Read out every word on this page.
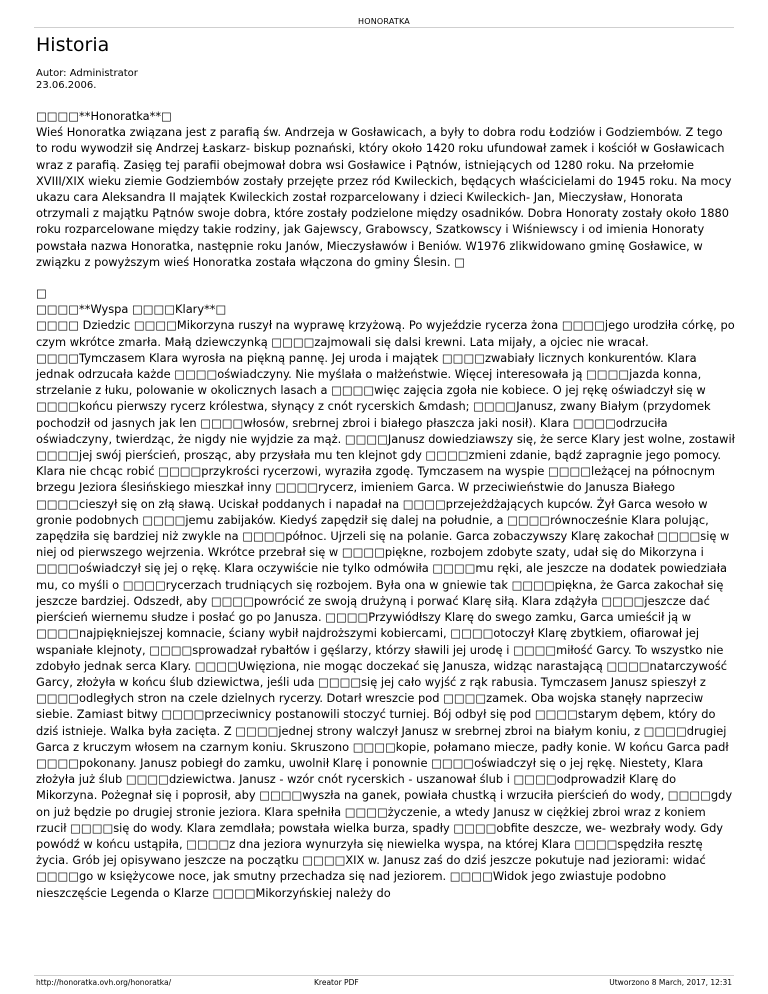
HONORATKA
Historia
Autor: Administrator
23.06.2006.

□□□□**Honoratka**□

Wieś Honoratka związana jest z parafią św. Andrzeja w Gosławicach, a były to dobra rodu Łodziów i Godziembów. Z tego to rodu wywodził się Andrzej Łaskarz- biskup poznański, który około 1420 roku ufundował zamek i kościół w Gosławicach wraz z parafią. Zasięg tej parafii obejmował dobra wsi Gosławice i Pątnów, istniejących od 1280 roku. Na przełomie XVIII/XIX wieku ziemie Godziembów zostały przejęte przez ród Kwileckich, będących właścicielami do 1945 roku. Na mocy ukazu cara Aleksandra II majątek Kwileckich został rozparcelowany i dzieci Kwileckich- Jan, Mieczysław, Honorata otrzymali z majątku Pątnów swoje dobra, które zostały podzielone między osadników. Dobra Honoraty zostały około 1880 roku rozparcelowane między takie rodziny, jak Gajewscy, Grabowscy, Szatkowscy i Wiśniewscy i od imienia Honoraty powstała nazwa Honoratka, następnie roku Janów, Mieczysławów i Beniów. W1976 zlikwidowano gminę Gosławice, w związku z powyższym wieś Honoratka została włączona do gminy Ślesin. □

□

□□□□**Wyspa □□□□Klary**□

□□□□ Dziedzic □□□□Mikorzyna ruszył na wyprawę krzyżową. Po wyjeździe rycerza żona □□□□jego urodziła córkę, po czym wkrótce zmarła. Małą dziewczynką □□□□zajmowali się dalsi krewni. Lata mijały, a ojciec nie wracał. □□□□Tymczasem Klara wyrosła na piękną pannę. Jej uroda i majątek □□□□zwabiały licznych konkurentów. Klara jednak odrzucała każde □□□□oświadczyny. Nie myślała o małżeństwie. Więcej interesowała ją □□□□jazda konna, strzelanie z łuku, polowanie w okolicznych lasach a □□□□więc zajęcia zgoła nie kobiece. O jej rękę oświadczył się w □□□□końcu pierwszy rycerz królestwa, słynący z cnót rycerskich &mdash; □□□□Janusz, zwany Białym (przydomek pochodził od jasnych jak len □□□□włosów, srebrnej zbroi i białego płaszcza jaki nosił). Klara □□□□odrzuciła oświadczyny, twierdząc, że nigdy nie wyjdzie za mąż. □□□□Janusz dowiedziawszy się, że serce Klary jest wolne, zostawił □□□□jej swój pierścień, prosząc, aby przysłała mu ten klejnot gdy □□□□zmieni zdanie, bądź zapragnie jego pomocy. Klara nie chcąc robić □□□□przykrości rycerzowi, wyraziła zgodę. Tymczasem na wyspie □□□□leżącej na północnym brzegu Jeziora ślesińskiego mieszkał inny □□□□rycerz, imieniem Garca. W przeciwieństwie do Janusza Białego □□□□cieszył się on złą sławą. Uciskał poddanych i napadał na □□□□przejeżdżających kupców. Żył Garca wesoło w gronie podobnych □□□□jemu zabijaków. Kiedyś zapędził się dalej na południe, a □□□□równocześnie Klara polując, zapędziła się bardziej niż zwykle na □□□□północ. Ujrzeli się na polanie. Garca zobaczywszy Klarę zakochał □□□□się w niej od pierwszego wejrzenia. Wkrótce przebrał się w □□□□piękne, rozbojem zdobyte szaty, udał się do Mikorzyna i □□□□oświadczył się jej o rękę. Klara oczywiście nie tylko odmówiła □□□□mu ręki, ale jeszcze na dodatek powiedziała mu, co myśli o □□□□rycerzach trudniących się rozbojem. Była ona w gniewie tak □□□□piękna, że Garca zakochał się jeszcze bardziej. Odszedł, aby □□□□powrócić ze swoją drużyną i porwać Klarę siłą. Klara zdążyła □□□□jeszcze dać pierścień wiernemu słudze i posłać go po Janusza. □□□□Przywiódłszy Klarę do swego zamku, Garca umieścił ją w □□□□najpiękniejszej komnacie, ściany wybił najdroższymi kobiercami, □□□□otoczył Klarę zbytkiem, ofiarował jej wspaniałe klejnoty, □□□□sprowadzał rybałtów i gęślarzy, którzy sławili jej urodę i □□□□miłość Garcy. To wszystko nie zdobyło jednak serca Klary. □□□□Uwięziona, nie mogąc doczekać się Janusza, widząc narastającą □□□□natarczywość Garcy, złożyła w końcu ślub dziewictwa, jeśli uda □□□□się jej cało wyjść z rąk rabusia. Tymczasem Janusz spieszył z □□□□odległych stron na czele dzielnych rycerzy. Dotarł wreszcie pod □□□□zamek. Oba wojska stanęły naprzeciw siebie. Zamiast bitwy □□□□przeciwnicy postanowili stoczyć turniej. Bój odbył się pod □□□□starym dębem, który do dziś istnieje. Walka była zacięta. Z □□□□jednej strony walczył Janusz w srebrnej zbroi na białym koniu, z □□□□drugiej Garca z kruczym włosem na czarnym koniu. Skruszono □□□□kopie, połamano miecze, padły konie. W końcu Garca padł □□□□pokonany. Janusz pobiegł do zamku, uwolnił Klarę i ponownie □□□□oświadczył się o jej rękę. Niestety, Klara złożyła już ślub □□□□dziewictwa. Janusz - wzór cnót rycerskich - uszanował ślub i □□□□odprowadził Klarę do Mikorzyna. Pożegnał się i poprosił, aby □□□□wyszła na ganek, powiała chustką i wrzuciła pierścień do wody, □□□□gdy on już będzie po drugiej stronie jeziora. Klara spełniła □□□□życzenie, a wtedy Janusz w ciężkiej zbroi wraz z koniem rzucił □□□□się do wody. Klara zemdlała; powstała wielka burza, spadły □□□□obfite deszcze, we- wezbrały wody. Gdy powódź w końcu ustąpiła, □□□□z dna jeziora wynurzyła się niewielka wyspa, na której Klara □□□□spędziła resztę życia. Grób jej opisywano jeszcze na początku □□□□XIX w. Janusz zaś do dziś jeszcze pokutuje nad jeziorami: widać □□□□go w księżycowe noce, jak smutny przechadza się nad jeziorem. □□□□Widok jego zwiastuje podobno nieszczęście Legenda o Klarze □□□□Mikorzyńskiej należy do

http://honoratka.ovh.org/honoratka/	Kreator PDF	Utworzono 8 March, 2017, 12:31
